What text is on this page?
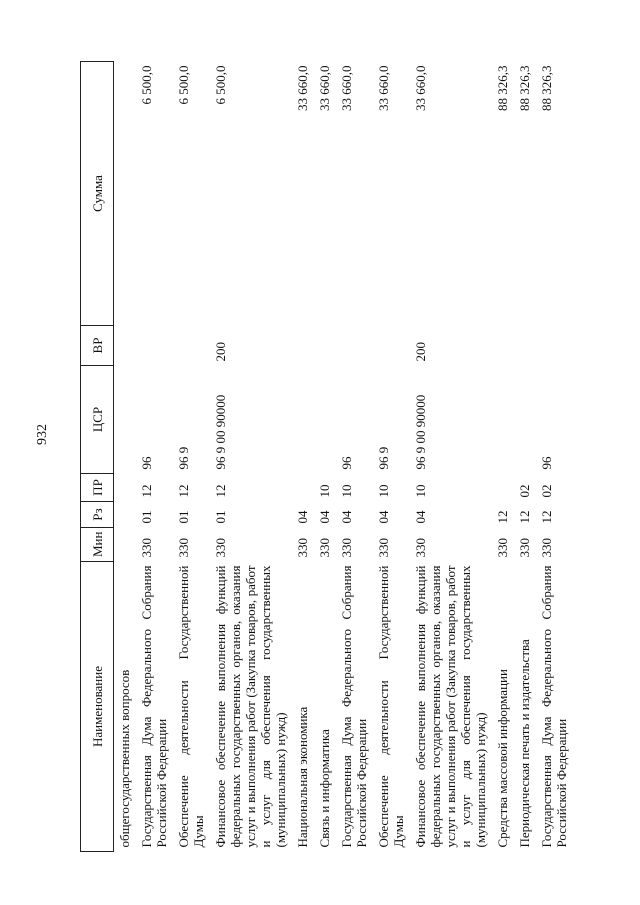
932
Наименование	Мин	Рз	ПР	ЦСР	ВР	Сумма
общегосударственных вопросов						
Государственная Дума Федерального Собрания Российской Федерации	330	01	12	96		6 500,0
Обеспечение деятельности Государственной Думы	330	01	12	96 9		6 500,0
Финансовое обеспечение выполнения функций федеральных государственных органов, оказания услуг и выполнения работ (Закупка товаров, работ и услуг для обеспечения государственных (муниципальных) нужд)	330	01	12	96 9 00 90000	200	6 500,0
Национальная экономика	330	04				33 660,0
Связь и информатика	330	04	10			33 660,0
Государственная Дума Федерального Собрания Российской Федерации	330	04	10	96		33 660,0
Обеспечение деятельности Государственной Думы	330	04	10	96 9		33 660,0
Финансовое обеспечение выполнения функций федеральных государственных органов, оказания услуг и выполнения работ (Закупка товаров, работ и услуг для обеспечения государственных (муниципальных) нужд)	330	04	10	96 9 00 90000	200	33 660,0
Средства массовой информации	330	12				88 326,3
Периодическая печать и издательства	330	12	02			88 326,3
Государственная Дума Федерального Собрания Российской Федерации	330	12	02	96		88 326,3
